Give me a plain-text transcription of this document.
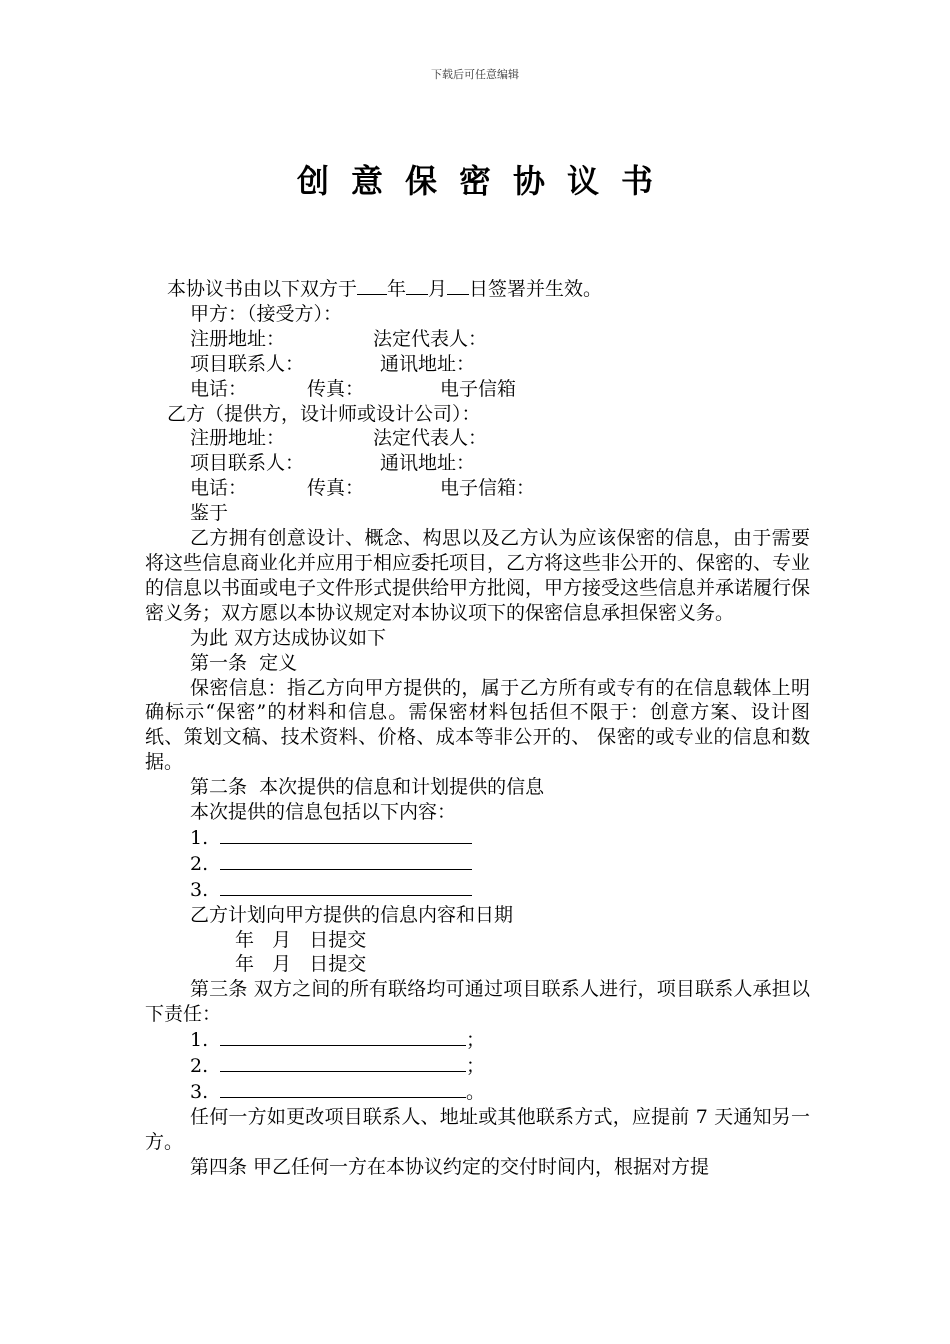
下载后可任意编辑
创意保密协议书
本协议书由以下双方于 年 月 日签署并生效。
甲方：（接受方）：
注册地址：	法定代表人：
项目联系人：	通讯地址：
电话：	传真：	电子信箱
乙方（提供方，设计师或设计公司）：
注册地址：	法定代表人：
项目联系人：	通讯地址：
电话：	传真：	电子信箱：
鉴于
乙方拥有创意设计、概念、构思以及乙方认为应该保密的信息，由于需要将这些信息商业化并应用于相应委托项目，乙方将这些非公开的、保密的、专业的信息以书面或电子文件形式提供给甲方批阅，甲方接受这些信息并承诺履行保密义务；双方愿以本协议规定对本协议项下的保密信息承担保密义务。
为此 双方达成协议如下
第一条  定义
保密信息：指乙方向甲方提供的，属于乙方所有或专有的在信息载体上明确标示“保密”的材料和信息。需保密材料包括但不限于：创意方案、设计图纸、策划文稿、技术资料、价格、成本等非公开的、 保密的或专业的信息和数据。
第二条  本次提供的信息和计划提供的信息
本次提供的信息包括以下内容：
1.
2.
3.
乙方计划向甲方提供的信息内容和日期
年   月   日提交
年   月   日提交
第三条 双方之间的所有联络均可通过项目联系人进行，项目联系人承担以下责任：
1.	；
2.	；
3.	。
任何一方如更改项目联系人、地址或其他联系方式，应提前 7 天通知另一方。
第四条 甲乙任何一方在本协议约定的交付时间内，根据对方提
